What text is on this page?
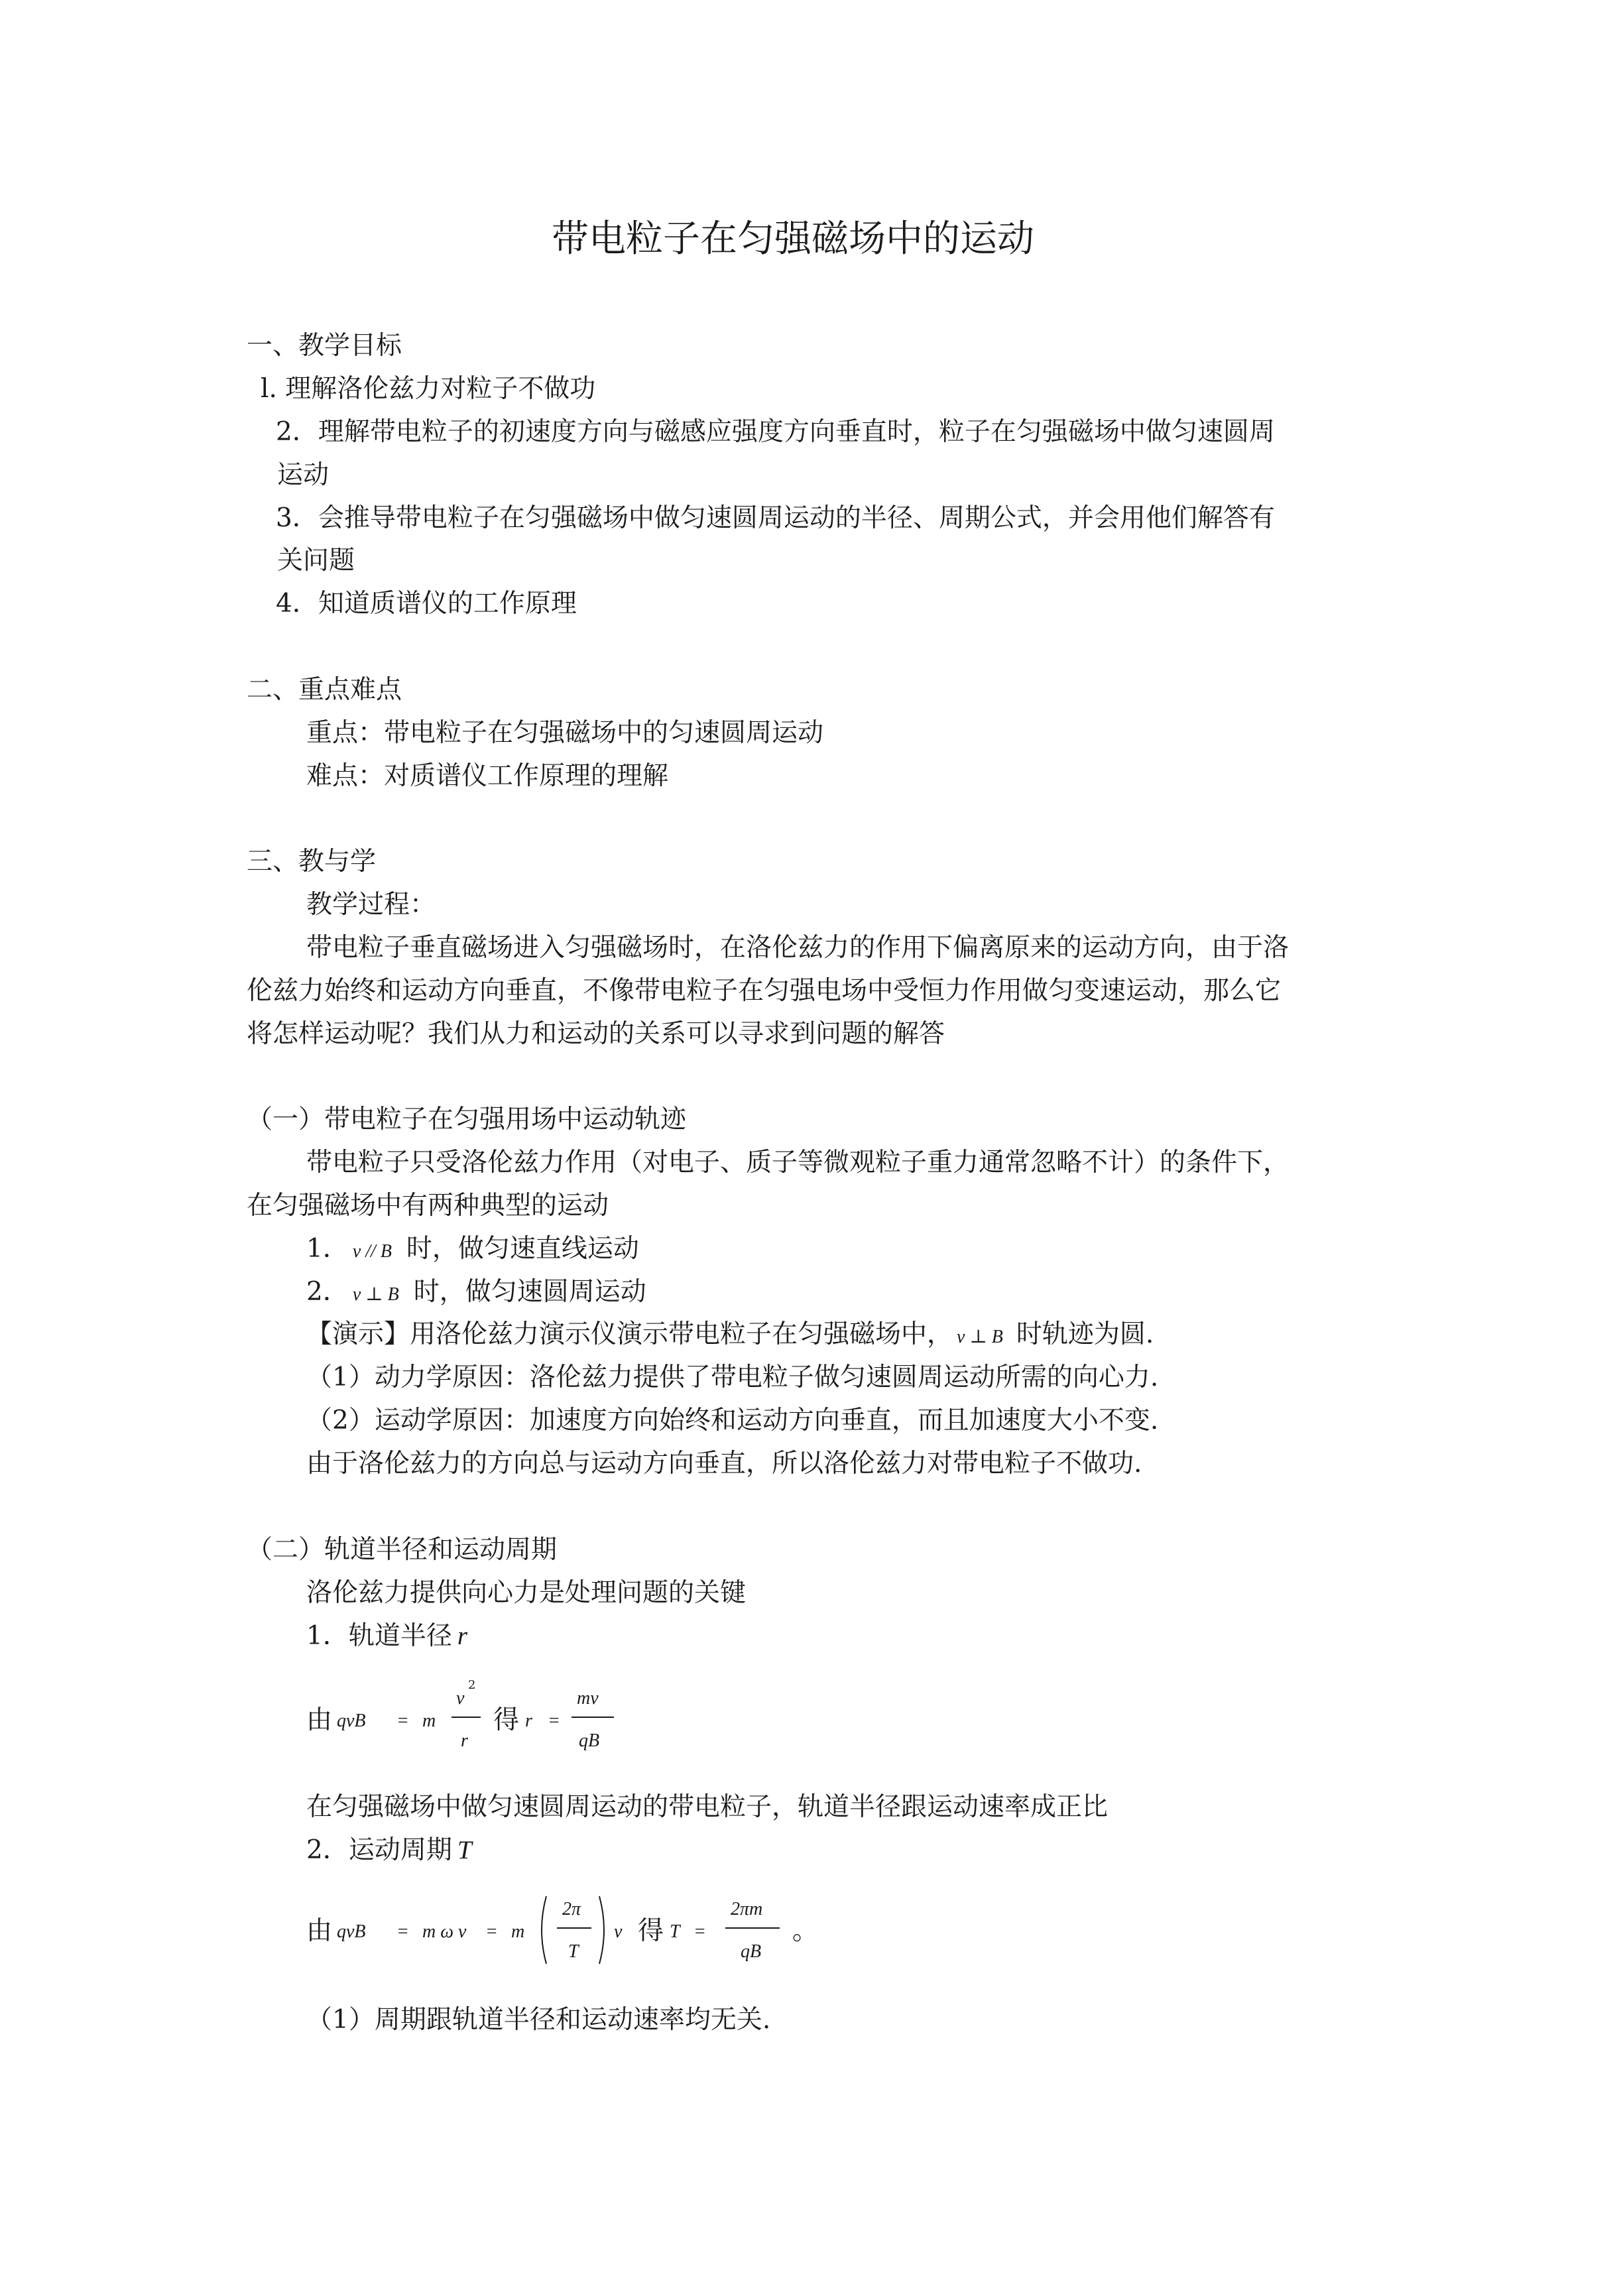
带电粒子在匀强磁场中的运动
一、教学目标
l. 理解洛伦兹力对粒子不做功
2．理解带电粒子的初速度方向与磁感应强度方向垂直时，粒子在匀强磁场中做匀速圆周
运动
3．会推导带电粒子在匀强磁场中做匀速圆周运动的半径、周期公式，并会用他们解答有
关问题
4．知道质谱仪的工作原理
二、重点难点
重点：带电粒子在匀强磁场中的匀速圆周运动
难点：对质谱仪工作原理的理解
三、教与学
教学过程：
带电粒子垂直磁场进入匀强磁场时，在洛伦兹力的作用下偏离原来的运动方向，由于洛
伦兹力始终和运动方向垂直，不像带电粒子在匀强电场中受恒力作用做匀变速运动，那么它
将怎样运动呢？我们从力和运动的关系可以寻求到问题的解答
（一）带电粒子在匀强用场中运动轨迹
带电粒子只受洛伦兹力作用（对电子、质子等微观粒子重力通常忽略不计）的条件下，
在匀强磁场中有两种典型的运动
1． v // B 时，做匀速直线运动
2． v ⊥ B 时，做匀速圆周运动
【演示】用洛伦兹力演示仪演示带电粒子在匀强磁场中， v ⊥ B 时轨迹为圆.
（1）动力学原因：洛伦兹力提供了带电粒子做匀速圆周运动所需的向心力.
（2）运动学原因：加速度方向始终和运动方向垂直，而且加速度大小不变.
由于洛伦兹力的方向总与运动方向垂直，所以洛伦兹力对带电粒子不做功.
（二）轨道半径和运动周期
洛伦兹力提供向心力是处理问题的关键
1．轨道半径 r
由 qvB = m
v
2
r
得 r =
mv
qB
在匀强磁场中做匀速圆周运动的带电粒子，轨道半径跟运动速率成正比
2．运动周期 T
由 qvB = m ω v = m
2π
T
v 得 T =
2πm
qB
。
（1）周期跟轨道半径和运动速率均无关.
